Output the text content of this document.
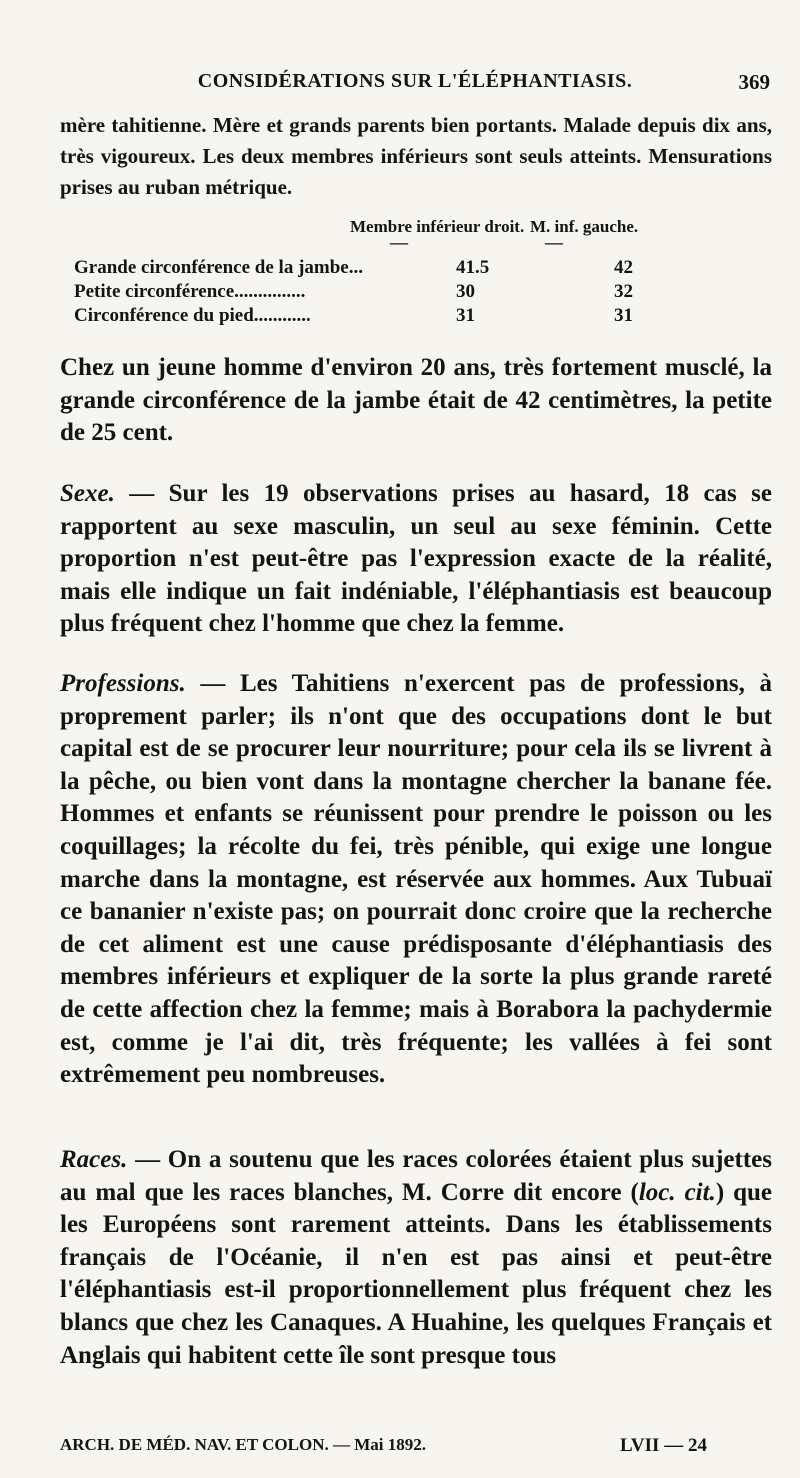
CONSIDÉRATIONS SUR L'ÉLÉPHANTIASIS.	369

mère tahitienne. Mère et grands parents bien portants. Malade depuis dix ans, très vigoureux. Les deux membres inférieurs sont seuls atteints. Mensurations prises au ruban métrique.

Membre inférieur droit. M. inf. gauche.
—	—
Grande circonférence de la jambe...	41.5	42
Petite circonférence...............	30	32
Circonférence du pied............	31	31

Chez un jeune homme d'environ 20 ans, très fortement musclé, la grande circonférence de la jambe était de 42 centimètres, la petite de 25 cent.

Sexe. — Sur les 19 observations prises au hasard, 18 cas se rapportent au sexe masculin, un seul au sexe féminin. Cette proportion n'est peut-être pas l'expression exacte de la réalité, mais elle indique un fait indéniable, l'éléphantiasis est beaucoup plus fréquent chez l'homme que chez la femme.

Professions. — Les Tahitiens n'exercent pas de professions, à proprement parler; ils n'ont que des occupations dont le but capital est de se procurer leur nourriture; pour cela ils se livrent à la pêche, ou bien vont dans la montagne chercher la banane fée. Hommes et enfants se réunissent pour prendre le poisson ou les coquillages; la récolte du fei, très pénible, qui exige une longue marche dans la montagne, est réservée aux hommes. Aux Tubuaï ce bananier n'existe pas; on pourrait donc croire que la recherche de cet aliment est une cause prédisposante d'éléphantiasis des membres inférieurs et expliquer de la sorte la plus grande rareté de cette affection chez la femme; mais à Borabora la pachydermie est, comme je l'ai dit, très fréquente; les vallées à fei sont extrêmement peu nombreuses.

Races. — On a soutenu que les races colorées étaient plus sujettes au mal que les races blanches, M. Corre dit encore (loc. cit.) que les Européens sont rarement atteints. Dans les établissements français de l'Océanie, il n'en est pas ainsi et peut-être l'éléphantiasis est-il proportionnellement plus fréquent chez les blancs que chez les Canaques. A Huahine, les quelques Français et Anglais qui habitent cette île sont presque tous

ARCH. DE MÉD. NAV. ET COLON. — Mai 1892.	LVII — 24
